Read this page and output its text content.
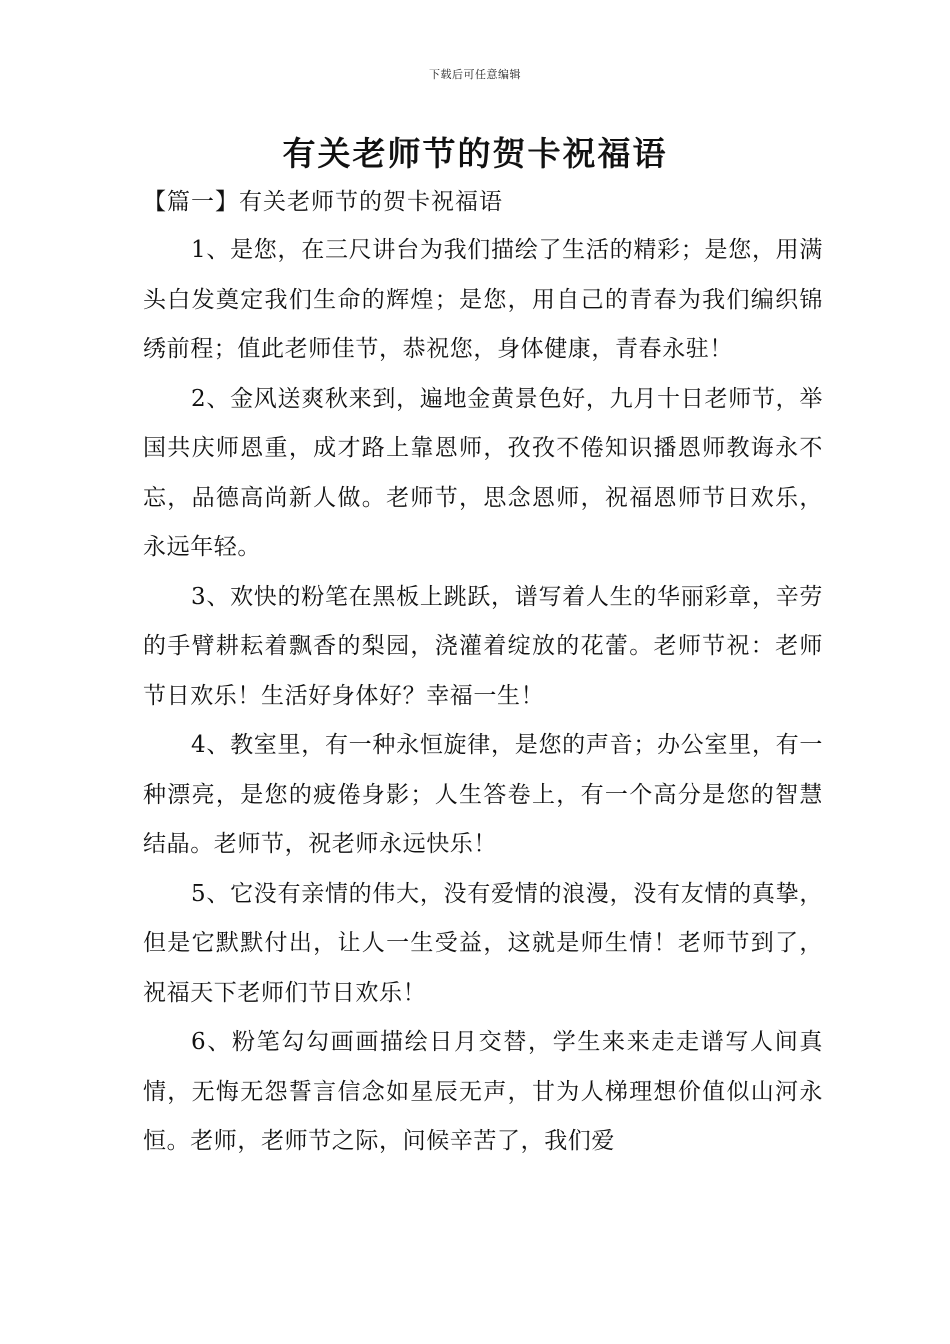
下载后可任意编辑
有关老师节的贺卡祝福语
【篇一】有关老师节的贺卡祝福语

1、是您，在三尺讲台为我们描绘了生活的精彩；是您，用满头白发奠定我们生命的辉煌；是您，用自己的青春为我们编织锦绣前程；值此老师佳节，恭祝您，身体健康，青春永驻！

2、金风送爽秋来到，遍地金黄景色好，九月十日老师节，举国共庆师恩重，成才路上靠恩师，孜孜不倦知识播恩师教诲永不忘，品德高尚新人做。老师节，思念恩师，祝福恩师节日欢乐，永远年轻。

3、欢快的粉笔在黑板上跳跃，谱写着人生的华丽彩章，辛劳的手臂耕耘着飘香的梨园，浇灌着绽放的花蕾。老师节祝：老师节日欢乐！生活好身体好？幸福一生！

4、教室里，有一种永恒旋律，是您的声音；办公室里，有一种漂亮，是您的疲倦身影；人生答卷上，有一个高分是您的智慧结晶。老师节，祝老师永远快乐！

5、它没有亲情的伟大，没有爱情的浪漫，没有友情的真挚，但是它默默付出，让人一生受益，这就是师生情！老师节到了，祝福天下老师们节日欢乐！

6、粉笔勾勾画画描绘日月交替，学生来来走走谱写人间真情，无悔无怨誓言信念如星辰无声，甘为人梯理想价值似山河永恒。老师，老师节之际，问候辛苦了，我们爱
